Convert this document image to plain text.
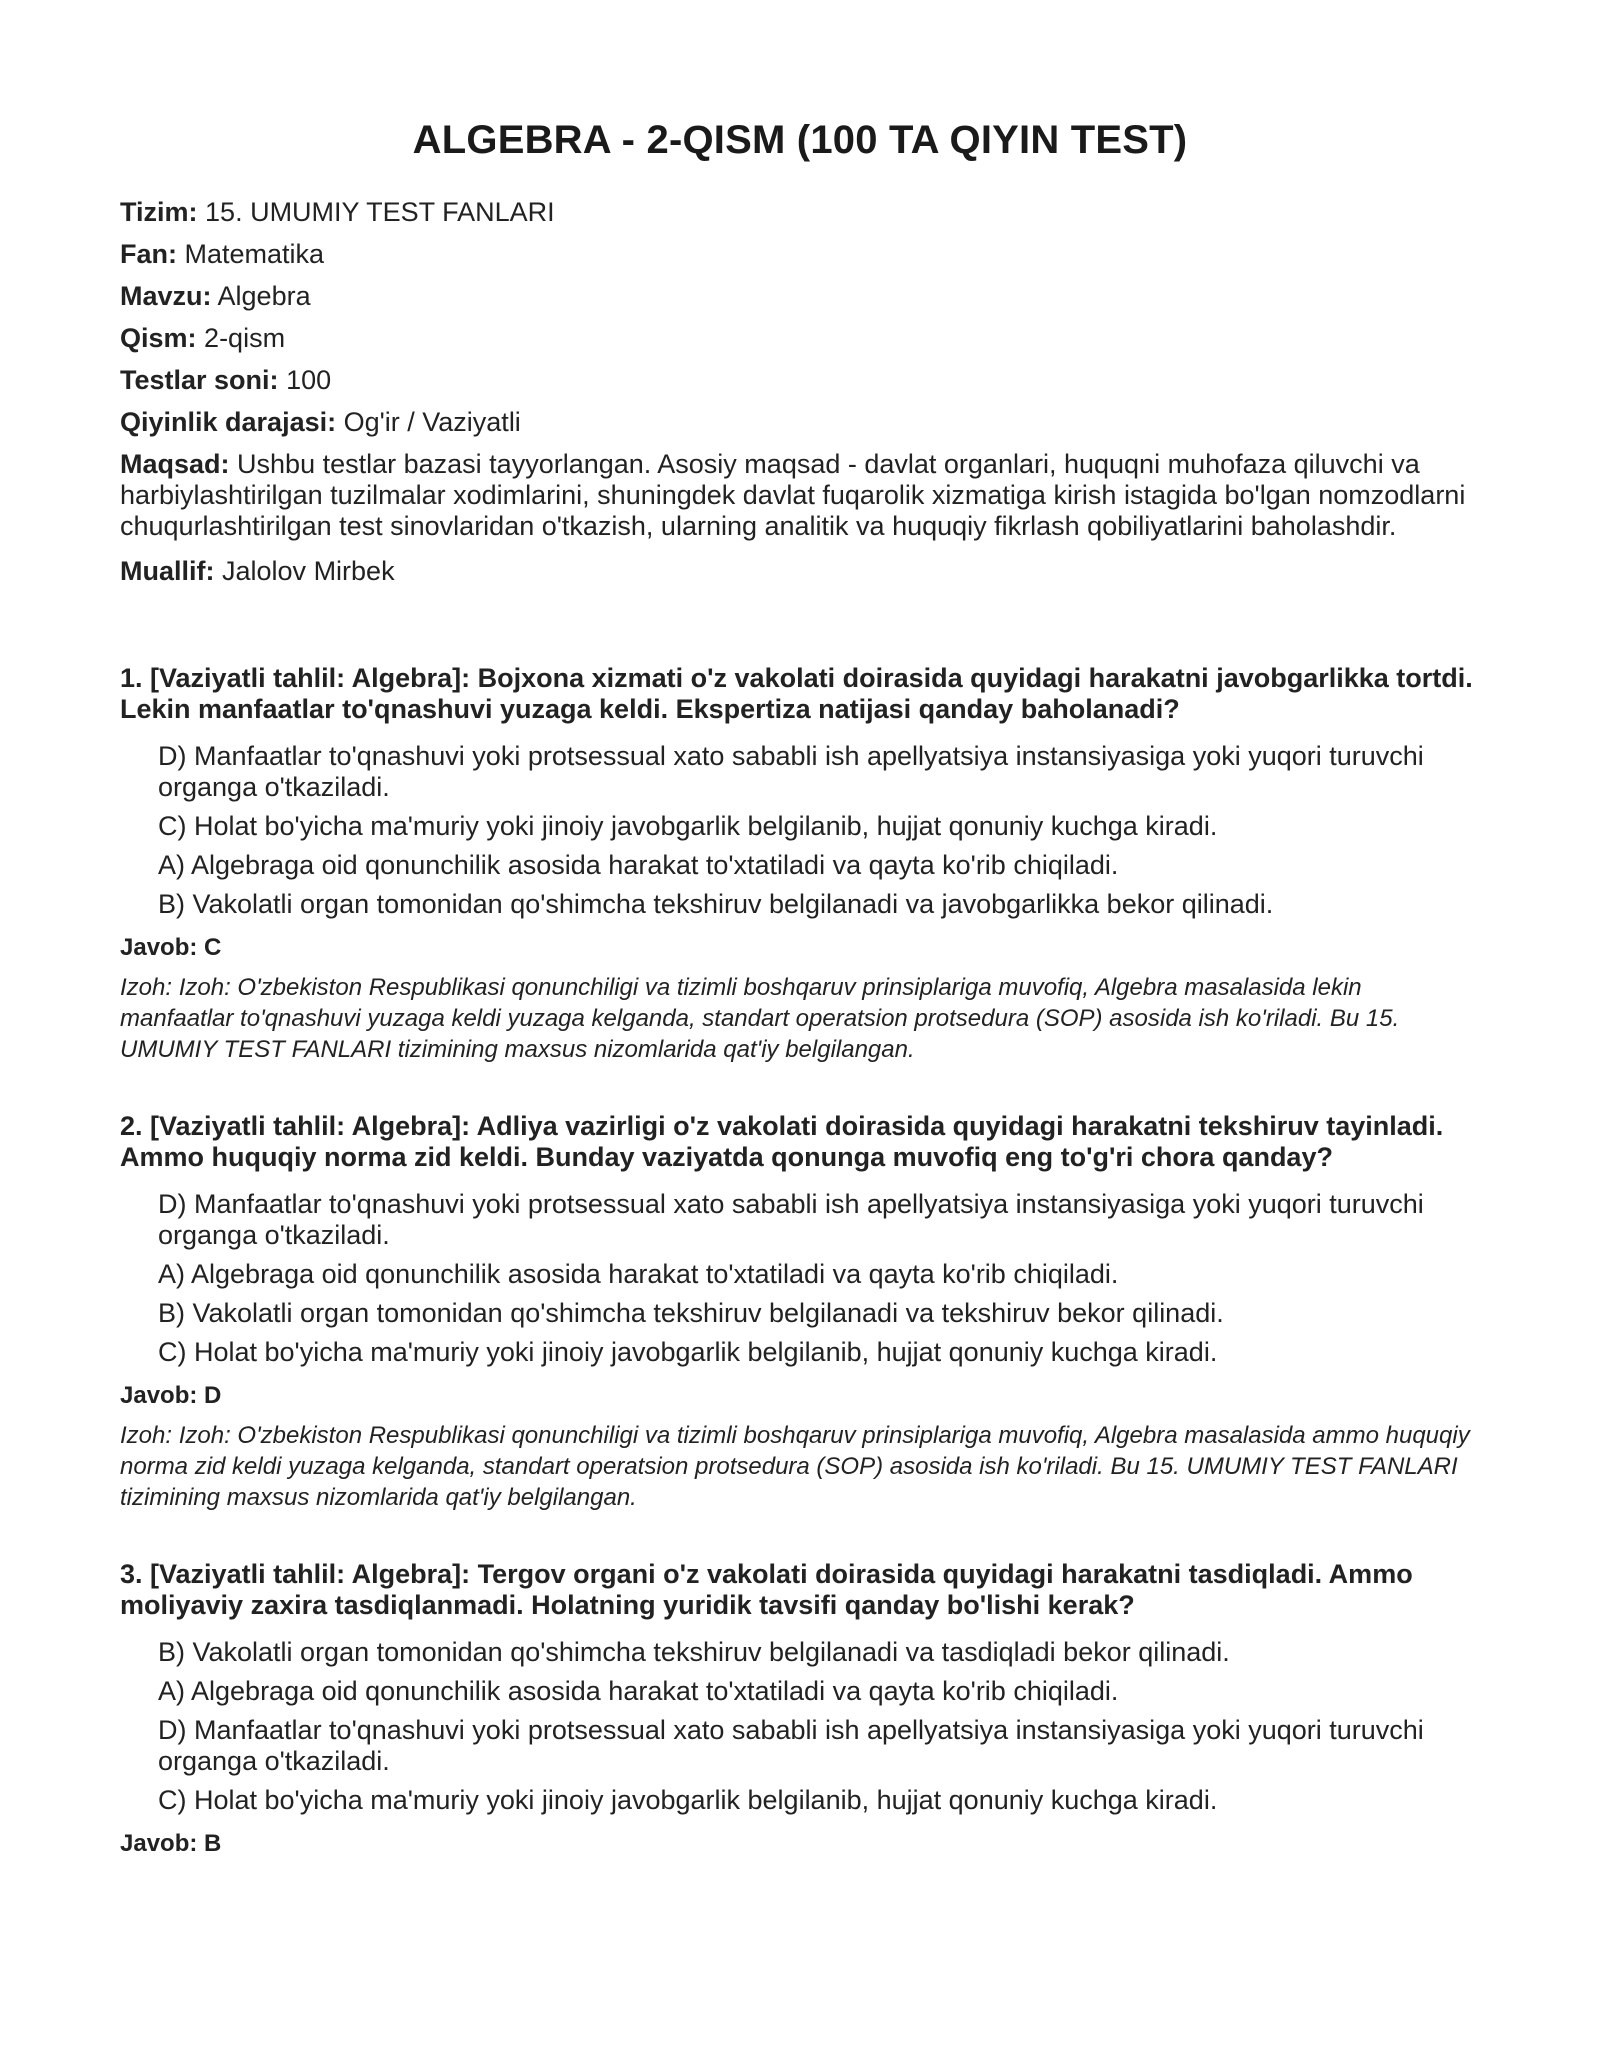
ALGEBRA - 2-QISM (100 TA QIYIN TEST)
Tizim: 15. UMUMIY TEST FANLARI
Fan: Matematika
Mavzu: Algebra
Qism: 2-qism
Testlar soni: 100
Qiyinlik darajasi: Og'ir / Vaziyatli
Maqsad: Ushbu testlar bazasi tayyorlangan. Asosiy maqsad - davlat organlari, huquqni muhofaza qiluvchi va harbiylashtirilgan tuzilmalar xodimlarini, shuningdek davlat fuqarolik xizmatiga kirish istagida bo'lgan nomzodlarni chuqurlashtirilgan test sinovlaridan o'tkazish, ularning analitik va huquqiy fikrlash qobiliyatlarini baholashdir.
Muallif: Jalolov Mirbek

1. [Vaziyatli tahlil: Algebra]: Bojxona xizmati o'z vakolati doirasida quyidagi harakatni javobgarlikka tortdi. Lekin manfaatlar to'qnashuvi yuzaga keldi. Ekspertiza natijasi qanday baholanadi?

D) Manfaatlar to'qnashuvi yoki protsessual xato sababli ish apellyatsiya instansiyasiga yoki yuqori turuvchi organga o'tkaziladi.
C) Holat bo'yicha ma'muriy yoki jinoiy javobgarlik belgilanib, hujjat qonuniy kuchga kiradi.
A) Algebraga oid qonunchilik asosida harakat to'xtatiladi va qayta ko'rib chiqiladi.
B) Vakolatli organ tomonidan qo'shimcha tekshiruv belgilanadi va javobgarlikka bekor qilinadi.
Javob: C

Izoh: Izoh: O'zbekiston Respublikasi qonunchiligi va tizimli boshqaruv prinsiplariga muvofiq, Algebra masalasida lekin manfaatlar to'qnashuvi yuzaga keldi yuzaga kelganda, standart operatsion protsedura (SOP) asosida ish ko'riladi. Bu 15. UMUMIY TEST FANLARI tizimining maxsus nizomlarida qat'iy belgilangan.

2. [Vaziyatli tahlil: Algebra]: Adliya vazirligi o'z vakolati doirasida quyidagi harakatni tekshiruv tayinladi. Ammo huquqiy norma zid keldi. Bunday vaziyatda qonunga muvofiq eng to'g'ri chora qanday?

D) Manfaatlar to'qnashuvi yoki protsessual xato sababli ish apellyatsiya instansiyasiga yoki yuqori turuvchi organga o'tkaziladi.
A) Algebraga oid qonunchilik asosida harakat to'xtatiladi va qayta ko'rib chiqiladi.
B) Vakolatli organ tomonidan qo'shimcha tekshiruv belgilanadi va tekshiruv bekor qilinadi.
C) Holat bo'yicha ma'muriy yoki jinoiy javobgarlik belgilanib, hujjat qonuniy kuchga kiradi.
Javob: D

Izoh: Izoh: O'zbekiston Respublikasi qonunchiligi va tizimli boshqaruv prinsiplariga muvofiq, Algebra masalasida ammo huquqiy norma zid keldi yuzaga kelganda, standart operatsion protsedura (SOP) asosida ish ko'riladi. Bu 15. UMUMIY TEST FANLARI tizimining maxsus nizomlarida qat'iy belgilangan.

3. [Vaziyatli tahlil: Algebra]: Tergov organi o'z vakolati doirasida quyidagi harakatni tasdiqladi. Ammo moliyaviy zaxira tasdiqlanmadi. Holatning yuridik tavsifi qanday bo'lishi kerak?

B) Vakolatli organ tomonidan qo'shimcha tekshiruv belgilanadi va tasdiqladi bekor qilinadi.
A) Algebraga oid qonunchilik asosida harakat to'xtatiladi va qayta ko'rib chiqiladi.
D) Manfaatlar to'qnashuvi yoki protsessual xato sababli ish apellyatsiya instansiyasiga yoki yuqori turuvchi organga o'tkaziladi.
C) Holat bo'yicha ma'muriy yoki jinoiy javobgarlik belgilanib, hujjat qonuniy kuchga kiradi.
Javob: B
